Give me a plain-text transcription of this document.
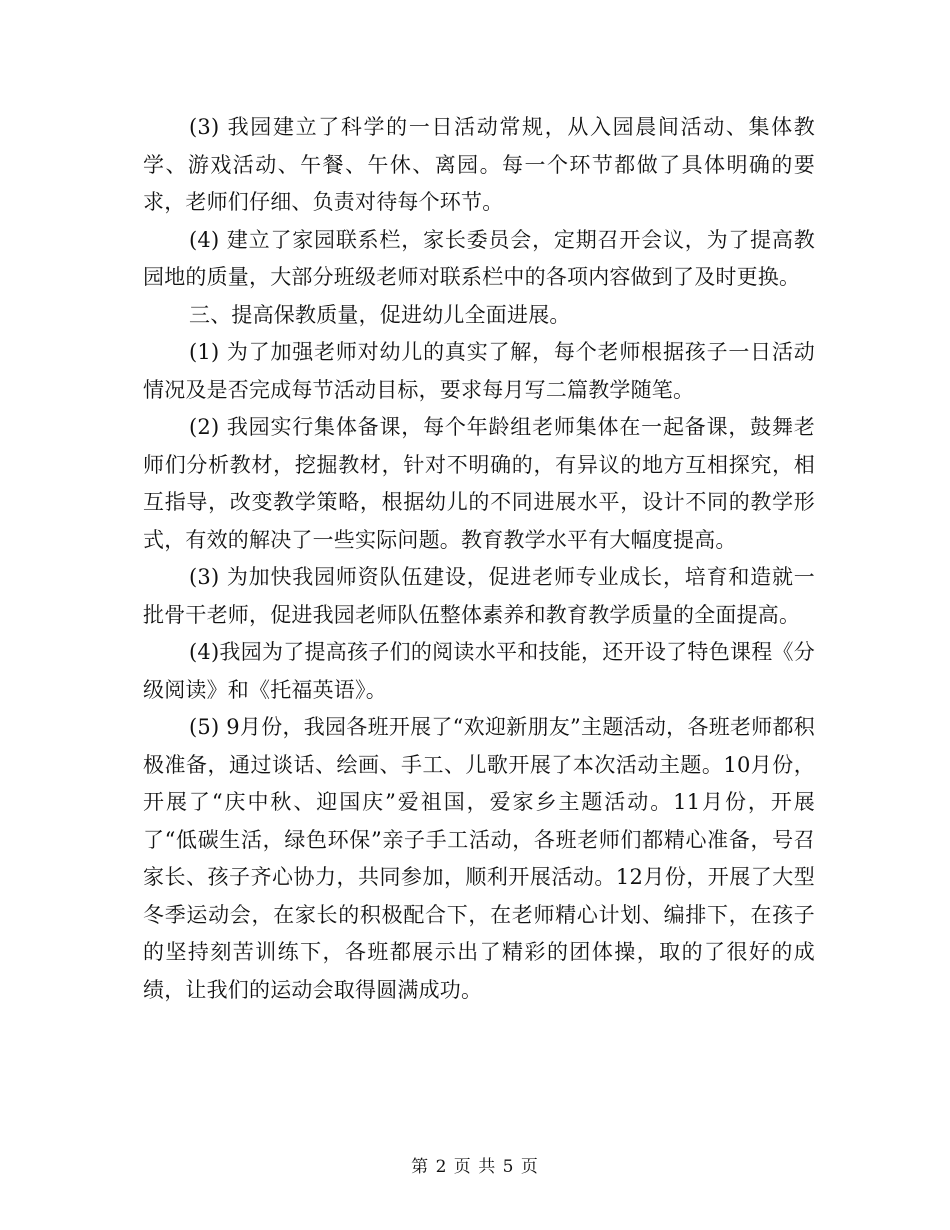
(3) 我园建立了科学的一日活动常规，从入园晨间活动、集体教学、游戏活动、午餐、午休、离园。每一个环节都做了具体明确的要求，老师们仔细、负责对待每个环节。

(4) 建立了家园联系栏，家长委员会，定期召开会议，为了提高教园地的质量，大部分班级老师对联系栏中的各项内容做到了及时更换。

三、提高保教质量，促进幼儿全面进展。

(1) 为了加强老师对幼儿的真实了解，每个老师根据孩子一日活动情况及是否完成每节活动目标，要求每月写二篇教学随笔。

(2) 我园实行集体备课，每个年龄组老师集体在一起备课，鼓舞老师们分析教材，挖掘教材，针对不明确的，有异议的地方互相探究，相互指导，改变教学策略，根据幼儿的不同进展水平，设计不同的教学形式，有效的解决了一些实际问题。教育教学水平有大幅度提高。

(3) 为加快我园师资队伍建设，促进老师专业成长，培育和造就一批骨干老师，促进我园老师队伍整体素养和教育教学质量的全面提高。

(4)我园为了提高孩子们的阅读水平和技能，还开设了特色课程《分级阅读》和《托福英语》。

(5) 9月份，我园各班开展了“欢迎新朋友”主题活动，各班老师都积极准备，通过谈话、绘画、手工、儿歌开展了本次活动主题。10月份，开展了“庆中秋、迎国庆”爱祖国，爱家乡主题活动。11月份，开展了“低碳生活，绿色环保”亲子手工活动，各班老师们都精心准备，号召家长、孩子齐心协力，共同参加，顺利开展活动。12月份，开展了大型冬季运动会，在家长的积极配合下，在老师精心计划、编排下，在孩子的坚持刻苦训练下，各班都展示出了精彩的团体操，取的了很好的成绩，让我们的运动会取得圆满成功。

第 2 页 共 5 页
